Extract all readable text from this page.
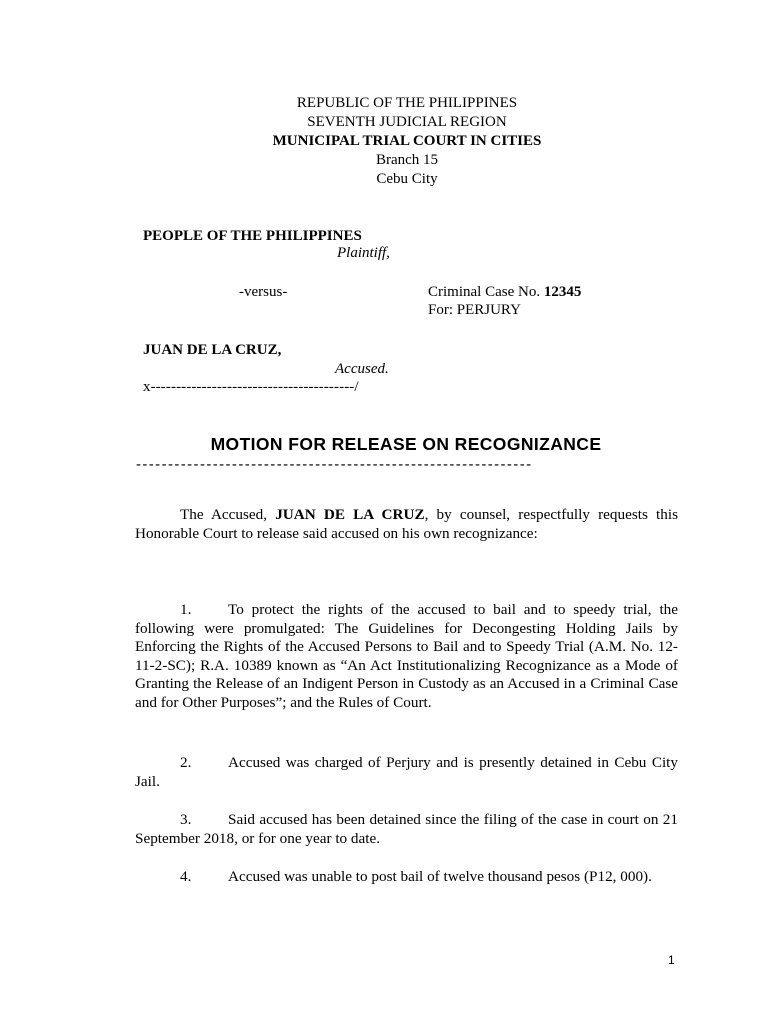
REPUBLIC OF THE PHILIPPINES
SEVENTH JUDICIAL REGION
MUNICIPAL TRIAL COURT IN CITIES
Branch 15
Cebu City
PEOPLE OF THE PHILIPPINES
Plaintiff,
-versus-	Criminal Case No. 12345
For: PERJURY
JUAN DE LA CRUZ,
Accused.
x----------------------------------------/
MOTION FOR RELEASE ON RECOGNIZANCE
--------------------------------------------------------------
The Accused, JUAN DE LA CRUZ, by counsel, respectfully requests this Honorable Court to release said accused on his own recognizance:
1. To protect the rights of the accused to bail and to speedy trial, the following were promulgated: The Guidelines for Decongesting Holding Jails by Enforcing the Rights of the Accused Persons to Bail and to Speedy Trial (A.M. No. 12-11-2-SC); R.A. 10389 known as “An Act Institutionalizing Recognizance as a Mode of Granting the Release of an Indigent Person in Custody as an Accused in a Criminal Case and for Other Purposes”; and the Rules of Court.
2. Accused was charged of Perjury and is presently detained in Cebu City Jail.
3. Said accused has been detained since the filing of the case in court on 21 September 2018, or for one year to date.
4. Accused was unable to post bail of twelve thousand pesos (P12, 000).
1
